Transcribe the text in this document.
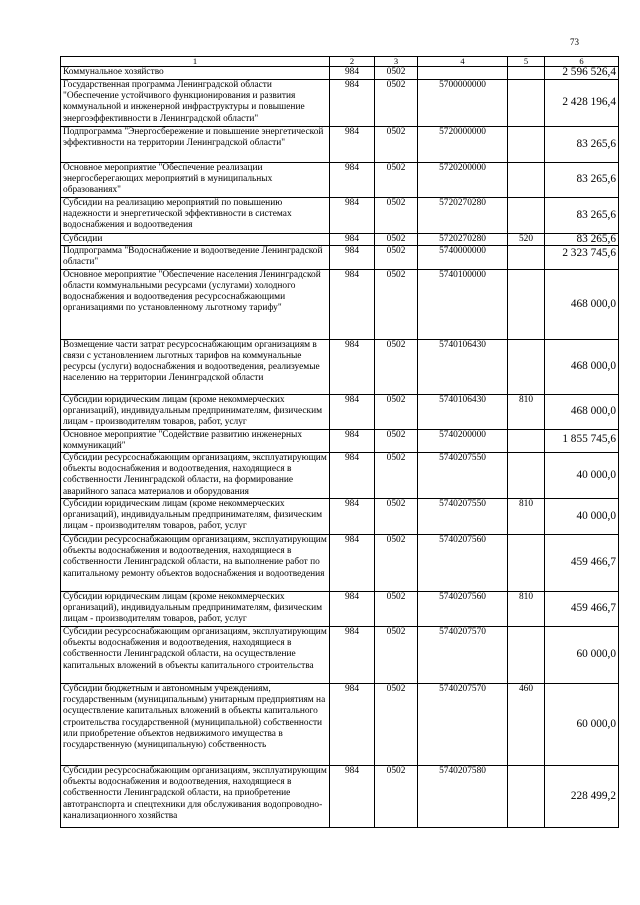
73
1	2	3	4	5	6
Коммунальное хозяйство	984	0502			2 596 526,4
Государственная программа Ленинградской области "Обеспечение устойчивого функционирования и развития коммунальной и инженерной инфраструктуры и повышение энергоэффективности в Ленинградской области"	984	0502	5700000000		2 428 196,4
Подпрограмма "Энергосбережение и повышение энергетической эффективности на территории Ленинградской области"	984	0502	5720000000		83 265,6
Основное мероприятие "Обеспечение реализации энергосберегающих мероприятий в муниципальных образованиях"	984	0502	5720200000		83 265,6
Субсидии на реализацию мероприятий по повышению надежности и энергетической эффективности в системах водоснабжения и водоотведения	984	0502	5720270280		83 265,6
Субсидии	984	0502	5720270280	520	83 265,6
Подпрограмма "Водоснабжение и водоотведение Ленинградской области"	984	0502	5740000000		2 323 745,6
Основное мероприятие "Обеспечение населения Ленинградской области коммунальными ресурсами (услугами) холодного водоснабжения и водоотведения ресурсоснабжающими организациями по установленному льготному тарифу"	984	0502	5740100000		468 000,0
Возмещение части затрат ресурсоснабжающим организациям в связи с установлением льготных тарифов на коммунальные ресурсы (услуги) водоснабжения и водоотведения, реализуемые населению на территории Ленинградской области	984	0502	5740106430		468 000,0
Субсидии юридическим лицам (кроме некоммерческих организаций), индивидуальным предпринимателям, физическим лицам - производителям товаров, работ, услуг	984	0502	5740106430	810	468 000,0
Основное мероприятие "Содействие развитию инженерных коммуникаций"	984	0502	5740200000		1 855 745,6
Субсидии ресурсоснабжающим организациям, эксплуатирующим объекты водоснабжения и водоотведения, находящиеся в собственности Ленинградской области, на формирование аварийного запаса материалов и оборудования	984	0502	5740207550		40 000,0
Субсидии юридическим лицам (кроме некоммерческих организаций), индивидуальным предпринимателям, физическим лицам - производителям товаров, работ, услуг	984	0502	5740207550	810	40 000,0
Субсидии ресурсоснабжающим организациям, эксплуатирующим объекты водоснабжения и водоотведения, находящиеся в собственности Ленинградской области, на выполнение работ по капитальному ремонту объектов водоснабжения и водоотведения	984	0502	5740207560		459 466,7
Субсидии юридическим лицам (кроме некоммерческих организаций), индивидуальным предпринимателям, физическим лицам - производителям товаров, работ, услуг	984	0502	5740207560	810	459 466,7
Субсидии ресурсоснабжающим организациям, эксплуатирующим объекты водоснабжения и водоотведения, находящиеся в собственности Ленинградской области, на осуществление капитальных вложений в объекты капитального строительства	984	0502	5740207570		60 000,0
Субсидии бюджетным и автономным учреждениям, государственным (муниципальным) унитарным предприятиям на осуществление капитальных вложений в объекты капитального строительства государственной (муниципальной) собственности или приобретение объектов недвижимого имущества в государственную (муниципальную) собственность	984	0502	5740207570	460	60 000,0
Субсидии ресурсоснабжающим организациям, эксплуатирующим объекты водоснабжения и водоотведения, находящиеся в собственности Ленинградской области, на приобретение автотранспорта и спецтехники для обслуживания водопроводно-канализационного хозяйства	984	0502	5740207580		228 499,2
